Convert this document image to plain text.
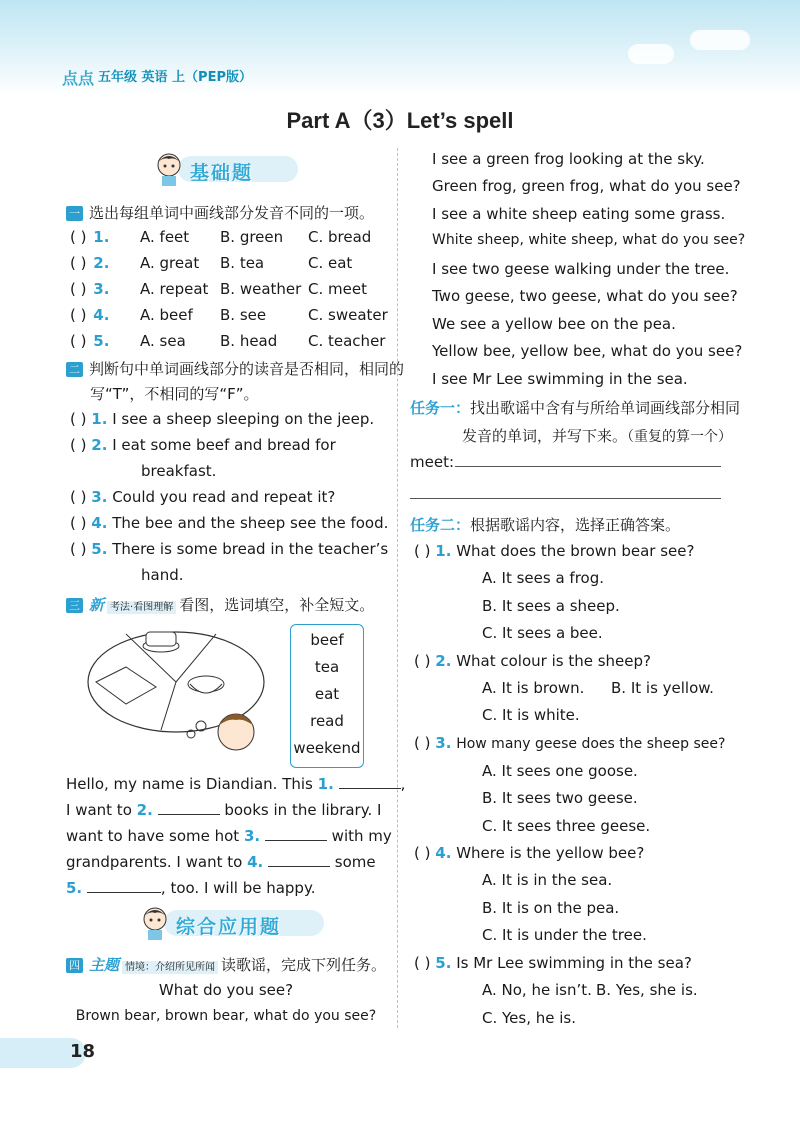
点点 五年级 英语 上（PEP版）
Part A（3）Let’s spell
基础题
一 选出每组单词中画线部分发音不同的一项。
( ) 1. A. feet B. green C. bread
( ) 2. A. great B. tea	C. eat
( ) 3. A. repeat B. weather C. meet
( ) 4. A. beef B. see	C. sweater
( ) 5. A. sea B. head C. teacher
二 判断句中单词画线部分的读音是否相同，相同的
写“T”，不相同的写“F”。
( ) 1. I see a sheep sleeping on the jeep.
( ) 2. I eat some beef and bread for
breakfast.
( ) 3. Could you read and repeat it?
( ) 4. The bee and the sheep see the food.
( ) 5. There is some bread in the teacher’s
hand.
三 新 考法·看图理解 看图，选词填空，补全短文。
beef
tea
eat
read
weekend
Hello, my name is Diandian. This 1.	,
I want to 2.	books in the library. I
want to have some hot 3.	with my
grandparents. I want to 4.	some
5.	, too. I will be happy.
综合应用题
四 主题 情境：介绍所见所闻 读歌谣，完成下列任务。
What do you see?
Brown bear, brown bear, what do you see?
I see a green frog looking at the sky.
Green frog, green frog, what do you see?
I see a white sheep eating some grass.
White sheep, white sheep, what do you see?
I see two geese walking under the tree.
Two geese, two geese, what do you see?
We see a yellow bee on the pea.
Yellow bee, yellow bee, what do you see?
I see Mr Lee swimming in the sea.
任务一：找出歌谣中含有与所给单词画线部分相同
发音的单词，并写下来。（重复的算一个）
meet:
任务二：根据歌谣内容，选择正确答案。
( ) 1. What does the brown bear see?
A. It sees a frog.
B. It sees a sheep.
C. It sees a bee.
( ) 2. What colour is the sheep?
A. It is brown. B. It is yellow.
C. It is white.
( ) 3. How many geese does the sheep see?
A. It sees one goose.
B. It sees two geese.
C. It sees three geese.
( ) 4. Where is the yellow bee?
A. It is in the sea.
B. It is on the pea.
C. It is under the tree.
( ) 5. Is Mr Lee swimming in the sea?
A. No, he isn’t. B. Yes, she is.
C. Yes, he is.
18
